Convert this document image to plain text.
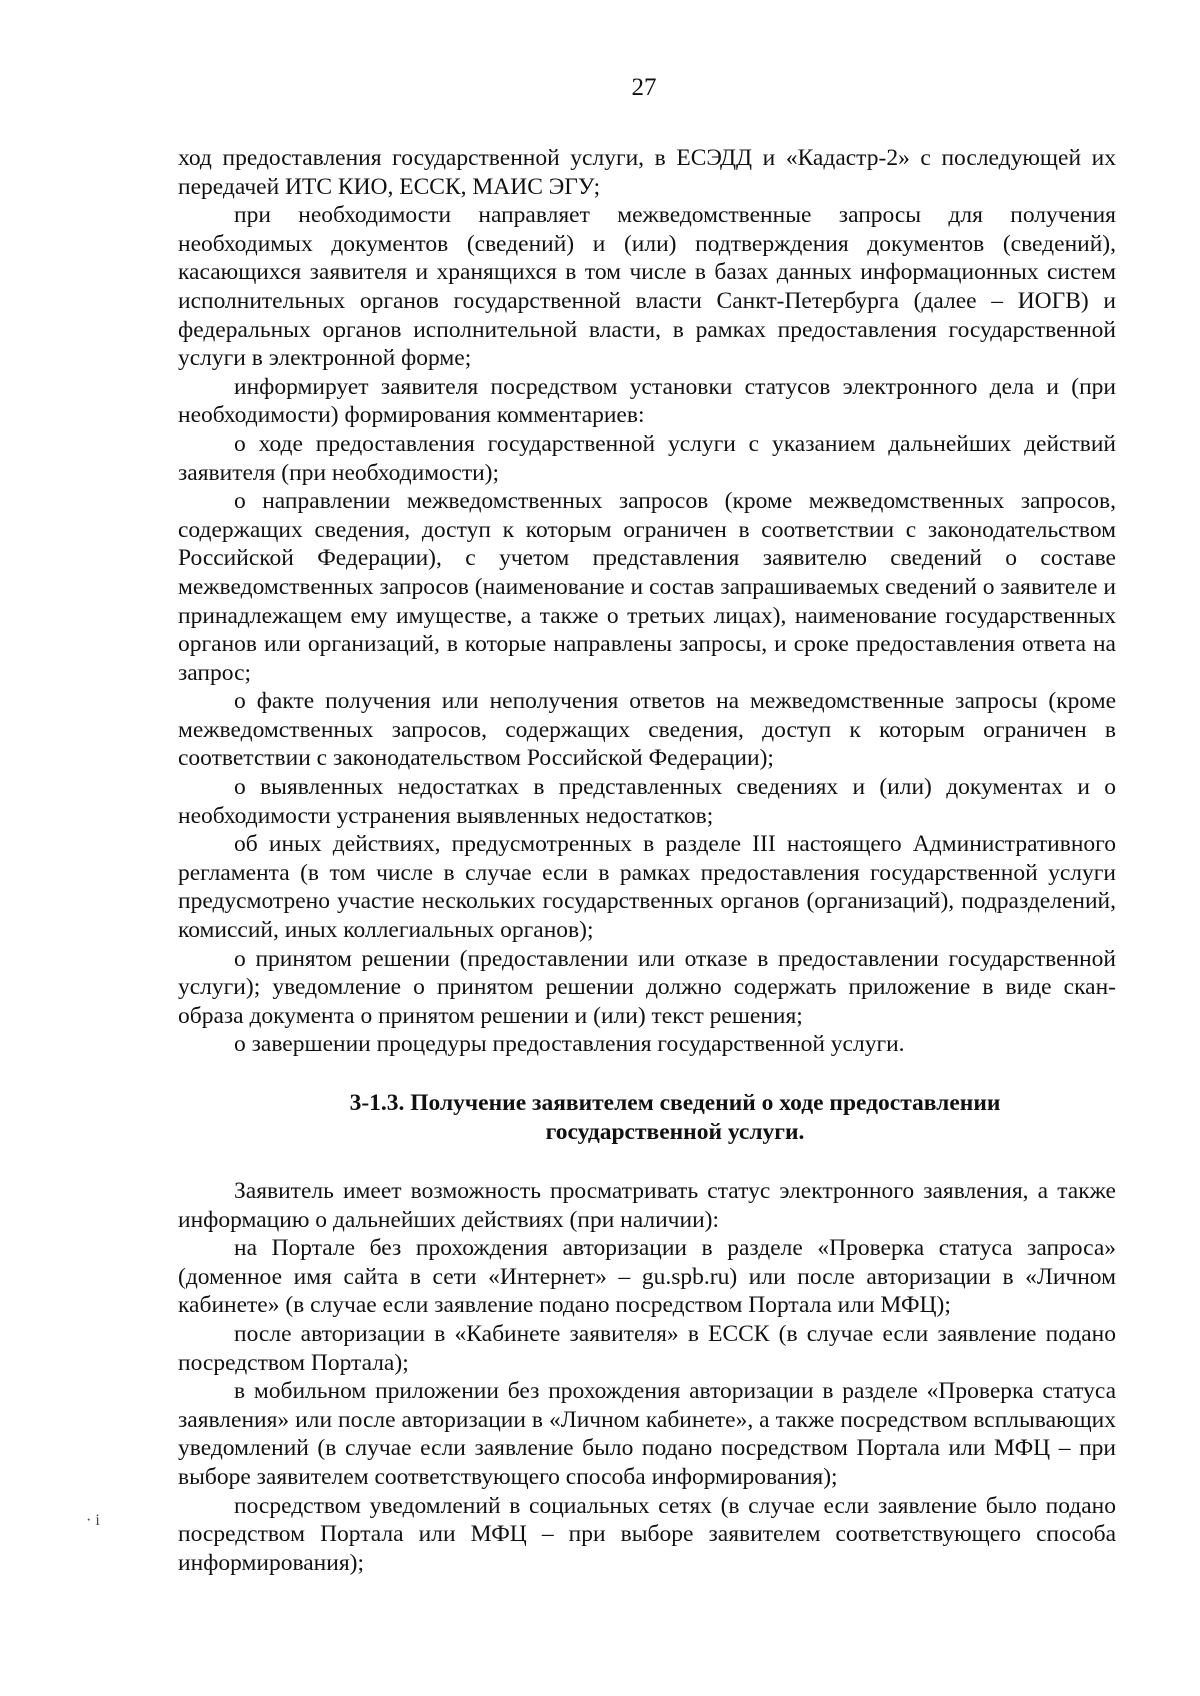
27

ход предоставления государственной услуги, в ЕСЭДД и «Кадастр-2» с последующей их передачей ИТС КИО, ЕССК, МАИС ЭГУ;

при необходимости направляет межведомственные запросы для получения необходимых документов (сведений) и (или) подтверждения документов (сведений), касающихся заявителя и хранящихся в том числе в базах данных информационных систем исполнительных органов государственной власти Санкт-Петербурга (далее – ИОГВ) и федеральных органов исполнительной власти, в рамках предоставления государственной услуги в электронной форме;

информирует заявителя посредством установки статусов электронного дела и (при необходимости) формирования комментариев:

о ходе предоставления государственной услуги с указанием дальнейших действий заявителя (при необходимости);

о направлении межведомственных запросов (кроме межведомственных запросов, содержащих сведения, доступ к которым ограничен в соответствии с законодательством Российской Федерации), с учетом представления заявителю сведений о составе межведомственных запросов (наименование и состав запрашиваемых сведений о заявителе и принадлежащем ему имуществе, а также о третьих лицах), наименование государственных органов или организаций, в которые направлены запросы, и сроке предоставления ответа на запрос;

о факте получения или неполучения ответов на межведомственные запросы (кроме межведомственных запросов, содержащих сведения, доступ к которым ограничен в соответствии с законодательством Российской Федерации);

о выявленных недостатках в представленных сведениях и (или) документах и о необходимости устранения выявленных недостатков;

об иных действиях, предусмотренных в разделе III настоящего Административного регламента (в том числе в случае если в рамках предоставления государственной услуги предусмотрено участие нескольких государственных органов (организаций), подразделений, комиссий, иных коллегиальных органов);

о принятом решении (предоставлении или отказе в предоставлении государственной услуги); уведомление о принятом решении должно содержать приложение в виде скан-образа документа о принятом решении и (или) текст решения;

о завершении процедуры предоставления государственной услуги.

3-1.3. Получение заявителем сведений о ходе предоставлении
государственной услуги.

Заявитель имеет возможность просматривать статус электронного заявления, а также информацию о дальнейших действиях (при наличии):

на Портале без прохождения авторизации в разделе «Проверка статуса запроса» (доменное имя сайта в сети «Интернет» – gu.spb.ru) или после авторизации в «Личном кабинете» (в случае если заявление подано посредством Портала или МФЦ);

после авторизации в «Кабинете заявителя» в ЕССК (в случае если заявление подано посредством Портала);

в мобильном приложении без прохождения авторизации в разделе «Проверка статуса заявления» или после авторизации в «Личном кабинете», а также посредством всплывающих уведомлений (в случае если заявление было подано посредством Портала или МФЦ – при выборе заявителем соответствующего способа информирования);

посредством уведомлений в социальных сетях (в случае если заявление было подано посредством Портала или МФЦ – при выборе заявителем соответствующего способа информирования);

· i
